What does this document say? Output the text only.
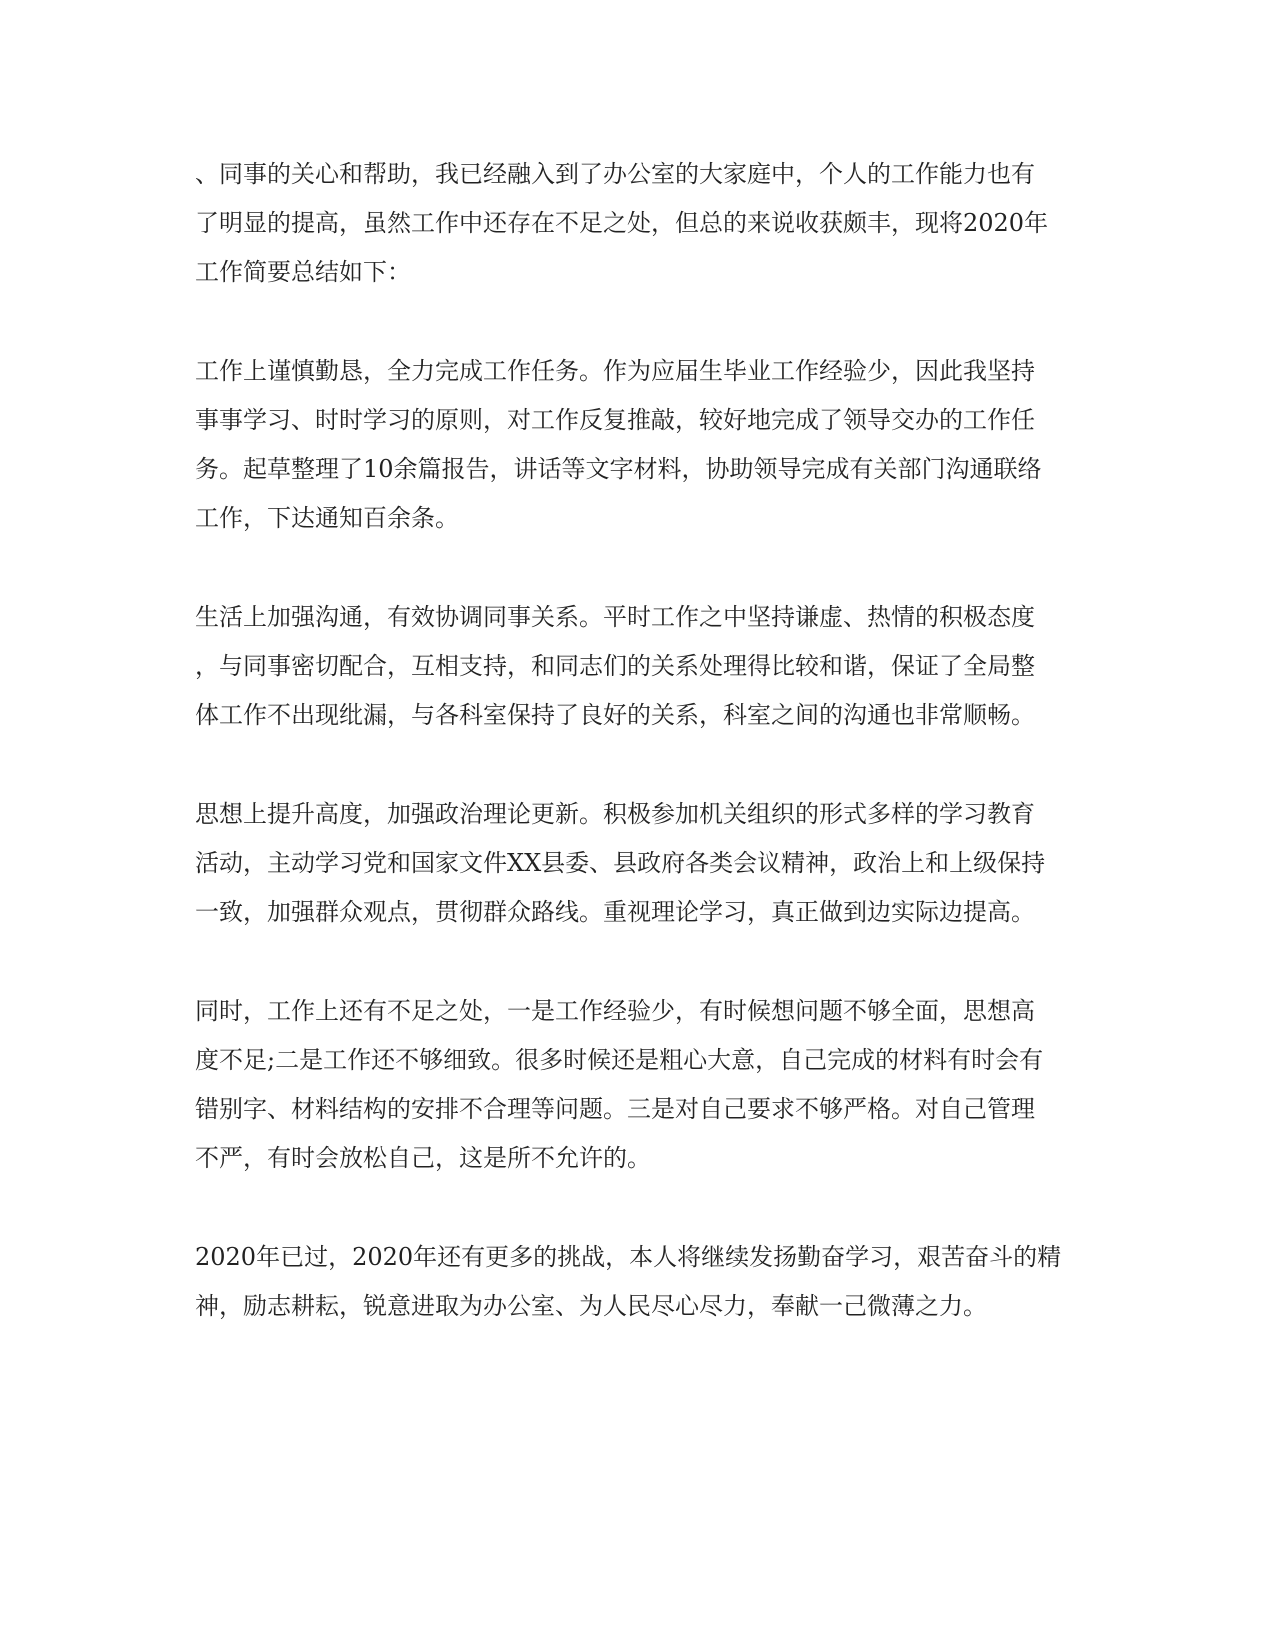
、同事的关心和帮助，我已经融入到了办公室的大家庭中，个人的工作能力也有
了明显的提高，虽然工作中还存在不足之处，但总的来说收获颇丰，现将2020年
工作简要总结如下：

工作上谨慎勤恳，全力完成工作任务。作为应届生毕业工作经验少，因此我坚持
事事学习、时时学习的原则，对工作反复推敲，较好地完成了领导交办的工作任
务。起草整理了10余篇报告，讲话等文字材料，协助领导完成有关部门沟通联络
工作，下达通知百余条。

生活上加强沟通，有效协调同事关系。平时工作之中坚持谦虚、热情的积极态度
，与同事密切配合，互相支持，和同志们的关系处理得比较和谐，保证了全局整
体工作不出现纰漏，与各科室保持了良好的关系，科室之间的沟通也非常顺畅。

思想上提升高度，加强政治理论更新。积极参加机关组织的形式多样的学习教育
活动，主动学习党和国家文件XX县委、县政府各类会议精神，政治上和上级保持
一致，加强群众观点，贯彻群众路线。重视理论学习，真正做到边实际边提高。

同时，工作上还有不足之处，一是工作经验少，有时候想问题不够全面，思想高
度不足;二是工作还不够细致。很多时候还是粗心大意，自己完成的材料有时会有
错别字、材料结构的安排不合理等问题。三是对自己要求不够严格。对自己管理
不严，有时会放松自己，这是所不允许的。

2020年已过，2020年还有更多的挑战，本人将继续发扬勤奋学习，艰苦奋斗的精
神，励志耕耘，锐意进取为办公室、为人民尽心尽力，奉献一己微薄之力。
